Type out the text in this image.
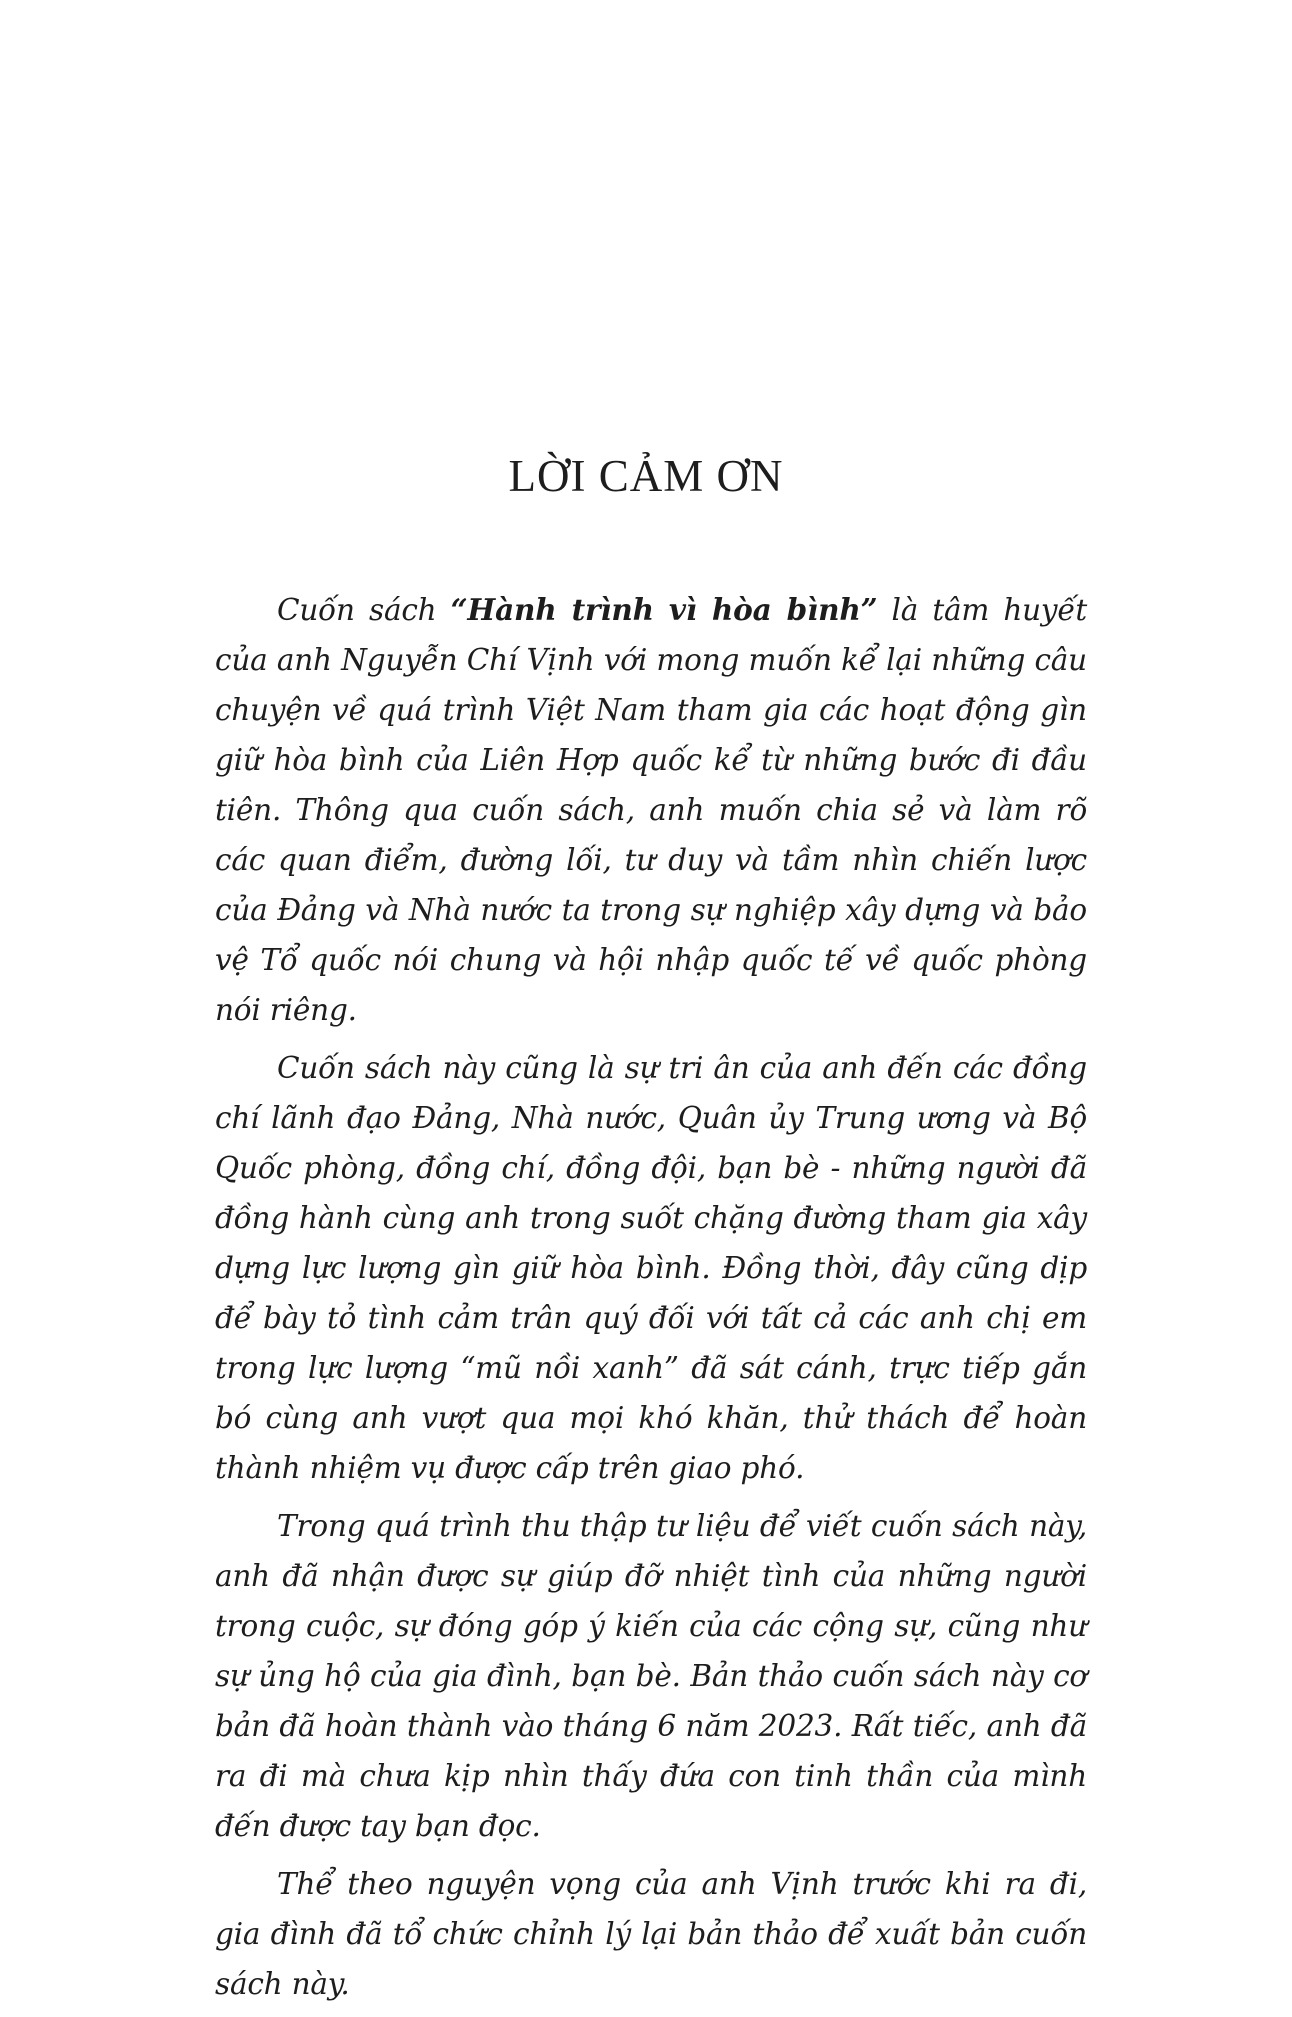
LỜI CẢM ƠN

Cuốn sách “Hành trình vì hòa bình” là tâm huyết của anh Nguyễn Chí Vịnh với mong muốn kể lại những câu chuyện về quá trình Việt Nam tham gia các hoạt động gìn giữ hòa bình của Liên Hợp quốc kể từ những bước đi đầu tiên. Thông qua cuốn sách, anh muốn chia sẻ và làm rõ các quan điểm, đường lối, tư duy và tầm nhìn chiến lược của Đảng và Nhà nước ta trong sự nghiệp xây dựng và bảo vệ Tổ quốc nói chung và hội nhập quốc tế về quốc phòng nói riêng.

Cuốn sách này cũng là sự tri ân của anh đến các đồng chí lãnh đạo Đảng, Nhà nước, Quân ủy Trung ương và Bộ Quốc phòng, đồng chí, đồng đội, bạn bè - những người đã đồng hành cùng anh trong suốt chặng đường tham gia xây dựng lực lượng gìn giữ hòa bình. Đồng thời, đây cũng dịp để bày tỏ tình cảm trân quý đối với tất cả các anh chị em trong lực lượng “mũ nồi xanh” đã sát cánh, trực tiếp gắn bó cùng anh vượt qua mọi khó khăn, thử thách để hoàn thành nhiệm vụ được cấp trên giao phó.

Trong quá trình thu thập tư liệu để viết cuốn sách này, anh đã nhận được sự giúp đỡ nhiệt tình của những người trong cuộc, sự đóng góp ý kiến của các cộng sự, cũng như sự ủng hộ của gia đình, bạn bè. Bản thảo cuốn sách này cơ bản đã hoàn thành vào tháng 6 năm 2023. Rất tiếc, anh đã ra đi mà chưa kịp nhìn thấy đứa con tinh thần của mình đến được tay bạn đọc.

Thể theo nguyện vọng của anh Vịnh trước khi ra đi, gia đình đã tổ chức chỉnh lý lại bản thảo để xuất bản cuốn sách này.
